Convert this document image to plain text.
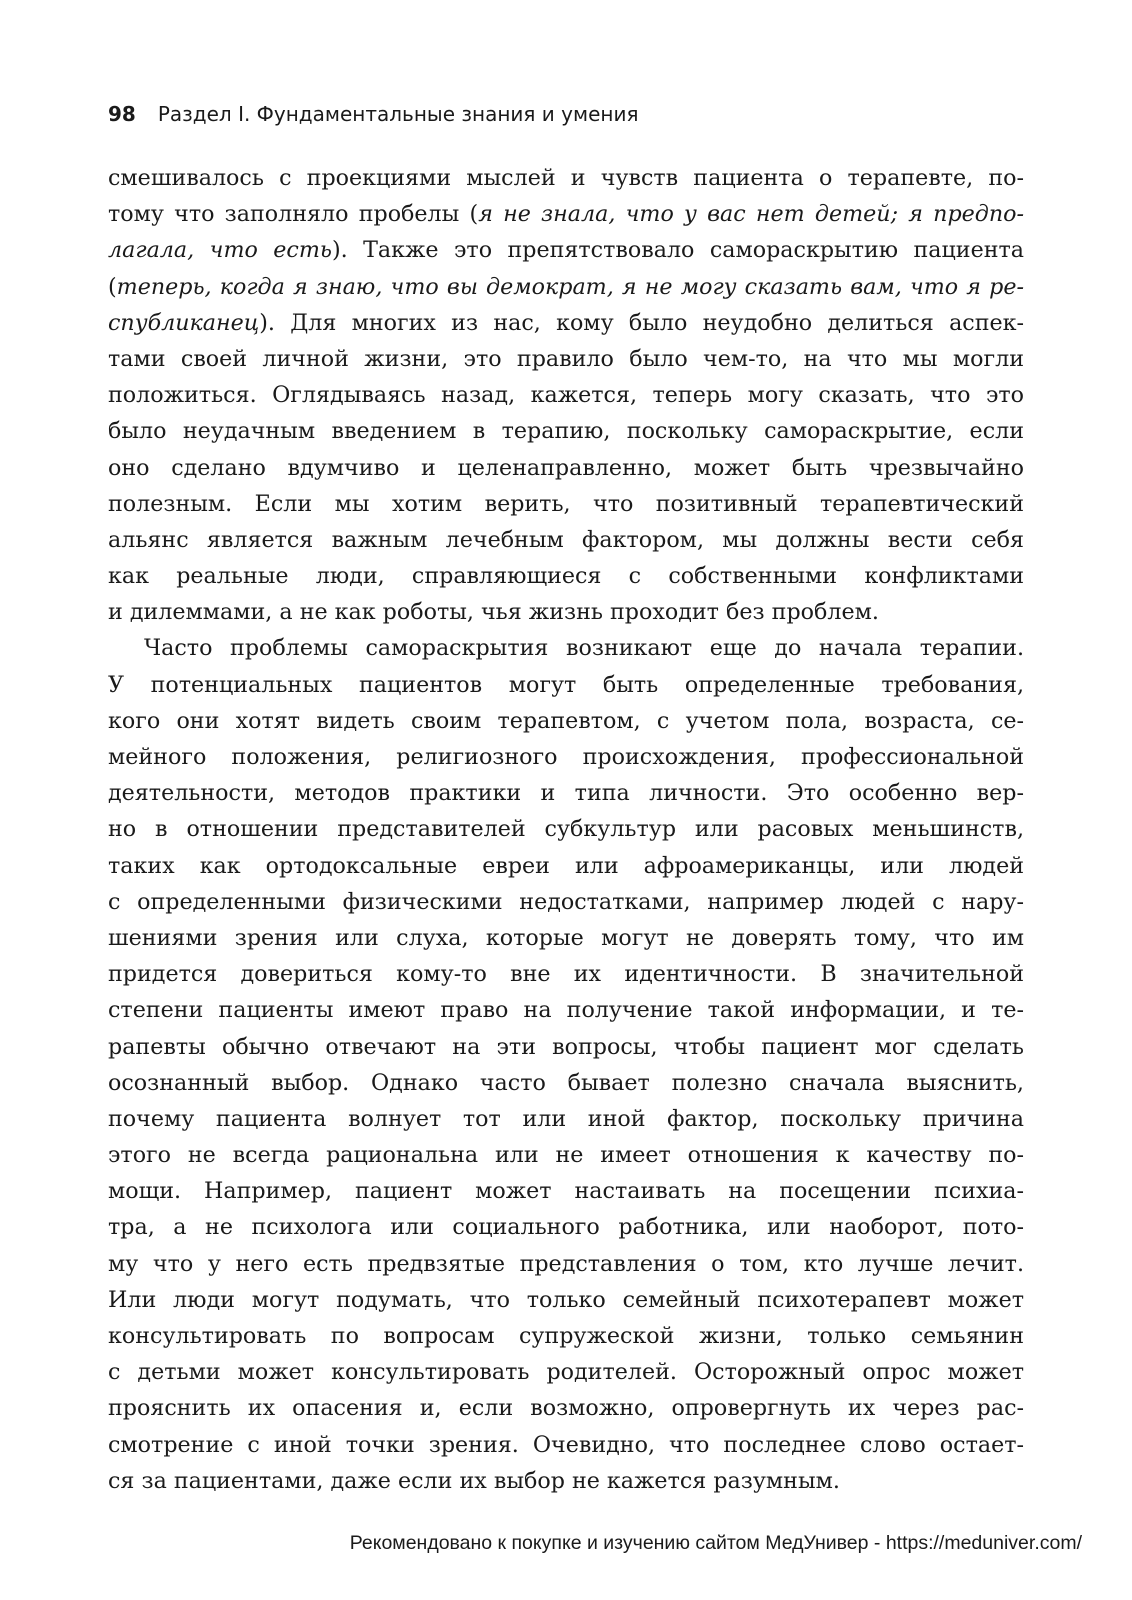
98 Раздел I. Фундаментальные знания и умения
смешивалось с проекциями мыслей и чувств пациента о терапевте, по-
тому что заполняло пробелы (я не знала, что у вас нет детей; я предпо-
лагала, что есть). Также это препятствовало самораскрытию пациента
(теперь, когда я знаю, что вы демократ, я не могу сказать вам, что я ре-
спубликанец). Для многих из нас, кому было неудобно делиться аспек-
тами своей личной жизни, это правило было чем-то, на что мы могли
положиться. Оглядываясь назад, кажется, теперь могу сказать, что это
было неудачным введением в терапию, поскольку самораскрытие, если
оно сделано вдумчиво и целенаправленно, может быть чрезвычайно
полезным. Если мы хотим верить, что позитивный терапевтический
альянс является важным лечебным фактором, мы должны вести себя
как реальные люди, справляющиеся с собственными конфликтами
и дилеммами, а не как роботы, чья жизнь проходит без проблем.
Часто проблемы самораскрытия возникают еще до начала терапии.
У потенциальных пациентов могут быть определенные требования,
кого они хотят видеть своим терапевтом, с учетом пола, возраста, се-
мейного положения, религиозного происхождения, профессиональной
деятельности, методов практики и типа личности. Это особенно вер-
но в отношении представителей субкультур или расовых меньшинств,
таких как ортодоксальные евреи или афроамериканцы, или людей
с определенными физическими недостатками, например людей с нару-
шениями зрения или слуха, которые могут не доверять тому, что им
придется довериться кому-то вне их идентичности. В значительной
степени пациенты имеют право на получение такой информации, и те-
рапевты обычно отвечают на эти вопросы, чтобы пациент мог сделать
осознанный выбор. Однако часто бывает полезно сначала выяснить,
почему пациента волнует тот или иной фактор, поскольку причина
этого не всегда рациональна или не имеет отношения к качеству по-
мощи. Например, пациент может настаивать на посещении психиа-
тра, а не психолога или социального работника, или наоборот, пото-
му что у него есть предвзятые представления о том, кто лучше лечит.
Или люди могут подумать, что только семейный психотерапевт может
консультировать по вопросам супружеской жизни, только семьянин
с детьми может консультировать родителей. Осторожный опрос может
прояснить их опасения и, если возможно, опровергнуть их через рас-
смотрение с иной точки зрения. Очевидно, что последнее слово остает-
ся за пациентами, даже если их выбор не кажется разумным.
Рекомендовано к покупке и изучению сайтом МедУнивер - https://meduniver.com/
